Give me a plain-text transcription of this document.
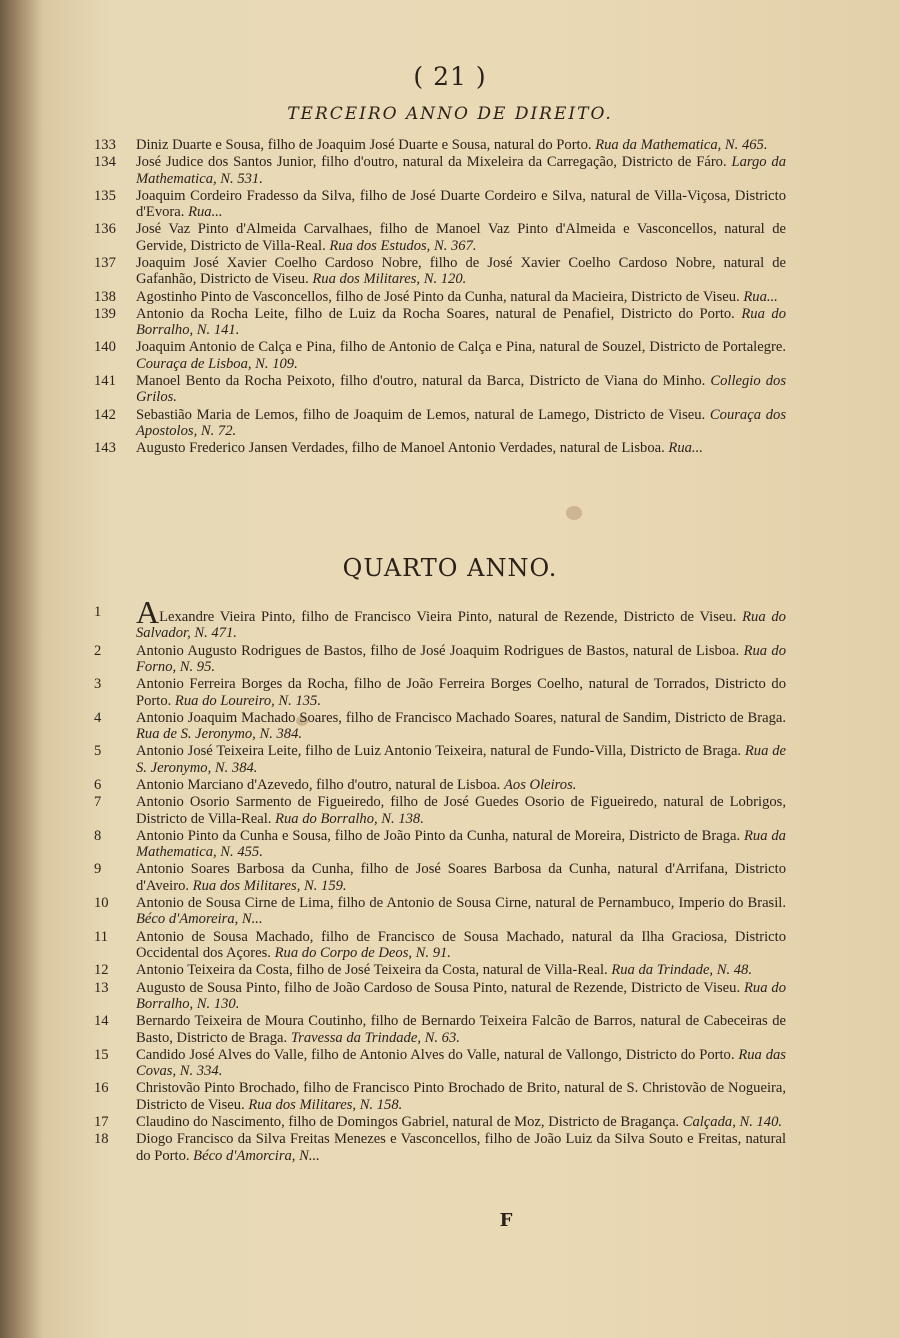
( 21 )
TERCEIRO ANNO DE DIREITO.
133	Diniz Duarte e Sousa, filho de Joaquim José Duarte e Sousa, natural do Porto. Rua da Mathematica, N. 465.
134	José Judice dos Santos Junior, filho d'outro, natural da Mixeleira da Carregação, Districto de Fáro. Largo da Mathematica, N. 531.
135	Joaquim Cordeiro Fradesso da Silva, filho de José Duarte Cordeiro e Silva, natural de Villa-Viçosa, Districto d'Evora. Rua...
136	José Vaz Pinto d'Almeida Carvalhaes, filho de Manoel Vaz Pinto d'Almeida e Vasconcellos, natural de Gervide, Districto de Villa-Real. Rua dos Estudos, N. 367.
137	Joaquim José Xavier Coelho Cardoso Nobre, filho de José Xavier Coelho Cardoso Nobre, natural de Gafanhão, Districto de Viseu. Rua dos Militares, N. 120.
138	Agostinho Pinto de Vasconcellos, filho de José Pinto da Cunha, natural da Macieira, Districto de Viseu. Rua...
139	Antonio da Rocha Leite, filho de Luiz da Rocha Soares, natural de Penafiel, Districto do Porto. Rua do Borralho, N. 141.
140	Joaquim Antonio de Calça e Pina, filho de Antonio de Calça e Pina, natural de Souzel, Districto de Portalegre. Couraça de Lisboa, N. 109.
141	Manoel Bento da Rocha Peixoto, filho d'outro, natural da Barca, Districto de Viana do Minho. Collegio dos Grilos.
142	Sebastião Maria de Lemos, filho de Joaquim de Lemos, natural de Lamego, Districto de Viseu. Couraça dos Apostolos, N. 72.
143	Augusto Frederico Jansen Verdades, filho de Manoel Antonio Verdades, natural de Lisboa. Rua...
QUARTO ANNO.
1	ALexandre Vieira Pinto, filho de Francisco Vieira Pinto, natural de Rezende, Districto de Viseu. Rua do Salvador, N. 471.
2	Antonio Augusto Rodrigues de Bastos, filho de José Joaquim Rodrigues de Bastos, natural de Lisboa. Rua do Forno, N. 95.
3	Antonio Ferreira Borges da Rocha, filho de João Ferreira Borges Coelho, natural de Torrados, Districto do Porto. Rua do Loureiro, N. 135.
4	Antonio Joaquim Machado Soares, filho de Francisco Machado Soares, natural de Sandim, Districto de Braga. Rua de S. Jeronymo, N. 384.
5	Antonio José Teixeira Leite, filho de Luiz Antonio Teixeira, natural de Fundo-Villa, Districto de Braga. Rua de S. Jeronymo, N. 384.
6	Antonio Marciano d'Azevedo, filho d'outro, natural de Lisboa. Aos Oleiros.
7	Antonio Osorio Sarmento de Figueiredo, filho de José Guedes Osorio de Figueiredo, natural de Lobrigos, Districto de Villa-Real. Rua do Borralho, N. 138.
8	Antonio Pinto da Cunha e Sousa, filho de João Pinto da Cunha, natural de Moreira, Districto de Braga. Rua da Mathematica, N. 455.
9	Antonio Soares Barbosa da Cunha, filho de José Soares Barbosa da Cunha, natural d'Arrifana, Districto d'Aveiro. Rua dos Militares, N. 159.
10	Antonio de Sousa Cirne de Lima, filho de Antonio de Sousa Cirne, natural de Pernambuco, Imperio do Brasil. Béco d'Amoreira, N...
11	Antonio de Sousa Machado, filho de Francisco de Sousa Machado, natural da Ilha Graciosa, Districto Occidental dos Açores. Rua do Corpo de Deos, N. 91.
12	Antonio Teixeira da Costa, filho de José Teixeira da Costa, natural de Villa-Real. Rua da Trindade, N. 48.
13	Augusto de Sousa Pinto, filho de João Cardoso de Sousa Pinto, natural de Rezende, Districto de Viseu. Rua do Borralho, N. 130.
14	Bernardo Teixeira de Moura Coutinho, filho de Bernardo Teixeira Falcão de Barros, natural de Cabeceiras de Basto, Districto de Braga. Travessa da Trindade, N. 63.
15	Candido José Alves do Valle, filho de Antonio Alves do Valle, natural de Vallongo, Districto do Porto. Rua das Covas, N. 334.
16	Christovão Pinto Brochado, filho de Francisco Pinto Brochado de Brito, natural de S. Christovão de Nogueira, Districto de Viseu. Rua dos Militares, N. 158.
17	Claudino do Nascimento, filho de Domingos Gabriel, natural de Moz, Districto de Bragança. Calçada, N. 140.
18	Diogo Francisco da Silva Freitas Menezes e Vasconcellos, filho de João Luiz da Silva Souto e Freitas, natural do Porto. Béco d'Amorcira, N...
F
